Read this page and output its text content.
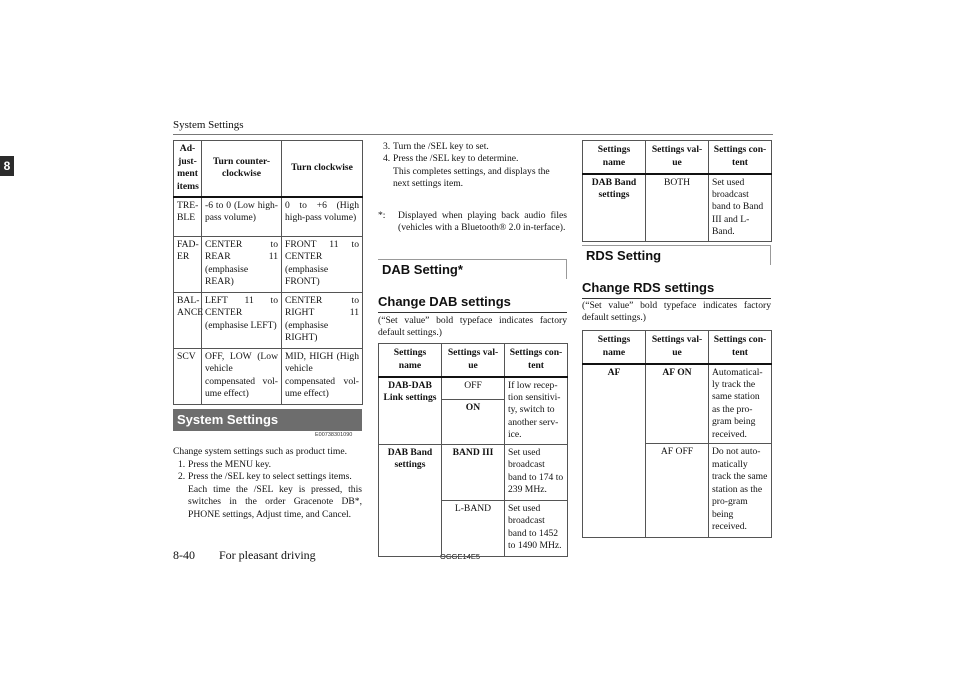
System Settings
8
8-40 For pleasant driving	OGGE14E5
Ad-just-ment items	Turn counter-clockwise	Turn clockwise
TRE-BLE	-6 to 0 (Low high-pass volume)	0 to +6 (High high-pass volume)
FAD-ER	CENTER to REAR 11 (emphasise REAR)	FRONT 11 to CENTER (emphasise FRONT)
BAL-ANCE	LEFT 11 to CENTER (emphasise LEFT)	CENTER to RIGHT 11 (emphasise RIGHT)
SCV	OFF, LOW (Low vehicle compensated vol-ume effect)	MID, HIGH (High vehicle compensated vol-ume effect)
System Settings
E00738301090
Change system settings such as product time.
1. Press the MENU key.
2. Press the /SEL key to select settings items.
Each time the /SEL key is pressed, this switches in the order Gracenote DB*, PHONE settings, Adjust time, and Cancel.
3. Turn the /SEL key to set.
4. Press the /SEL key to determine.
This completes settings, and displays the next settings item.
*: Displayed when playing back audio files (vehicles with a Bluetooth® 2.0 in-terface).
DAB Setting*
Change DAB settings
(“Set value” bold typeface indicates factory default settings.)
Settings name	Settings val-ue	Settings con-tent
DAB-DAB Link settings	OFF	If low recep-tion sensitivi-ty, switch to another serv-ice.
	ON	
DAB Band settings	BAND III	Set used broadcast band to 174 to 239 MHz.
	L-BAND	Set used broadcast band to 1452 to 1490 MHz.
Settings name	Settings val-ue	Settings con-tent
DAB Band settings	BOTH	Set used broadcast band to Band III and L-Band.
RDS Setting
Change RDS settings
(“Set value” bold typeface indicates factory default settings.)
Settings name	Settings val-ue	Settings con-tent
AF	AF ON	Automatical-ly track the same station as the pro-gram being received.
	AF OFF	Do not auto-matically track the same station as the pro-gram being received.
